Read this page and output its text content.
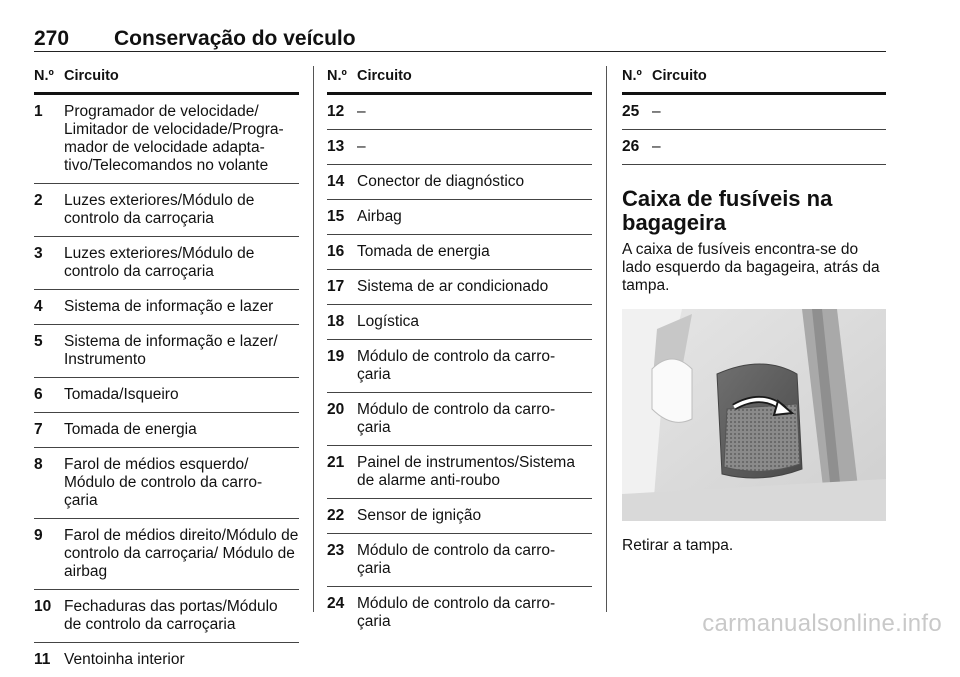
270 Conservação do veículo
N.º Circuito
1 Programador de velocidade/ Limitador de velocidade/Progra- mador de velocidade adapta- tivo/Telecomandos no volante
2 Luzes exteriores/Módulo de controlo da carroçaria
3 Luzes exteriores/Módulo de controlo da carroçaria
4 Sistema de informação e lazer
5 Sistema de informação e lazer/ Instrumento
6 Tomada/Isqueiro
7 Tomada de energia
8 Farol de médios esquerdo/ Módulo de controlo da carro- çaria
9 Farol de médios direito/Módulo de controlo da carroçaria/ Módulo de airbag
10 Fechaduras das portas/Módulo de controlo da carroçaria
11 Ventoinha interior
N.º Circuito
12 –
13 –
14 Conector de diagnóstico
15 Airbag
16 Tomada de energia
17 Sistema de ar condicionado
18 Logística
19 Módulo de controlo da carro- çaria
20 Módulo de controlo da carro- çaria
21 Painel de instrumentos/Sistema de alarme anti-roubo
22 Sensor de ignição
23 Módulo de controlo da carro- çaria
24 Módulo de controlo da carro- çaria
N.º Circuito
25 –
26 –
Caixa de fusíveis na bagageira
A caixa de fusíveis encontra-se do lado esquerdo da bagageira, atrás da tampa.
Retirar a tampa.
carmanualsonline.info
